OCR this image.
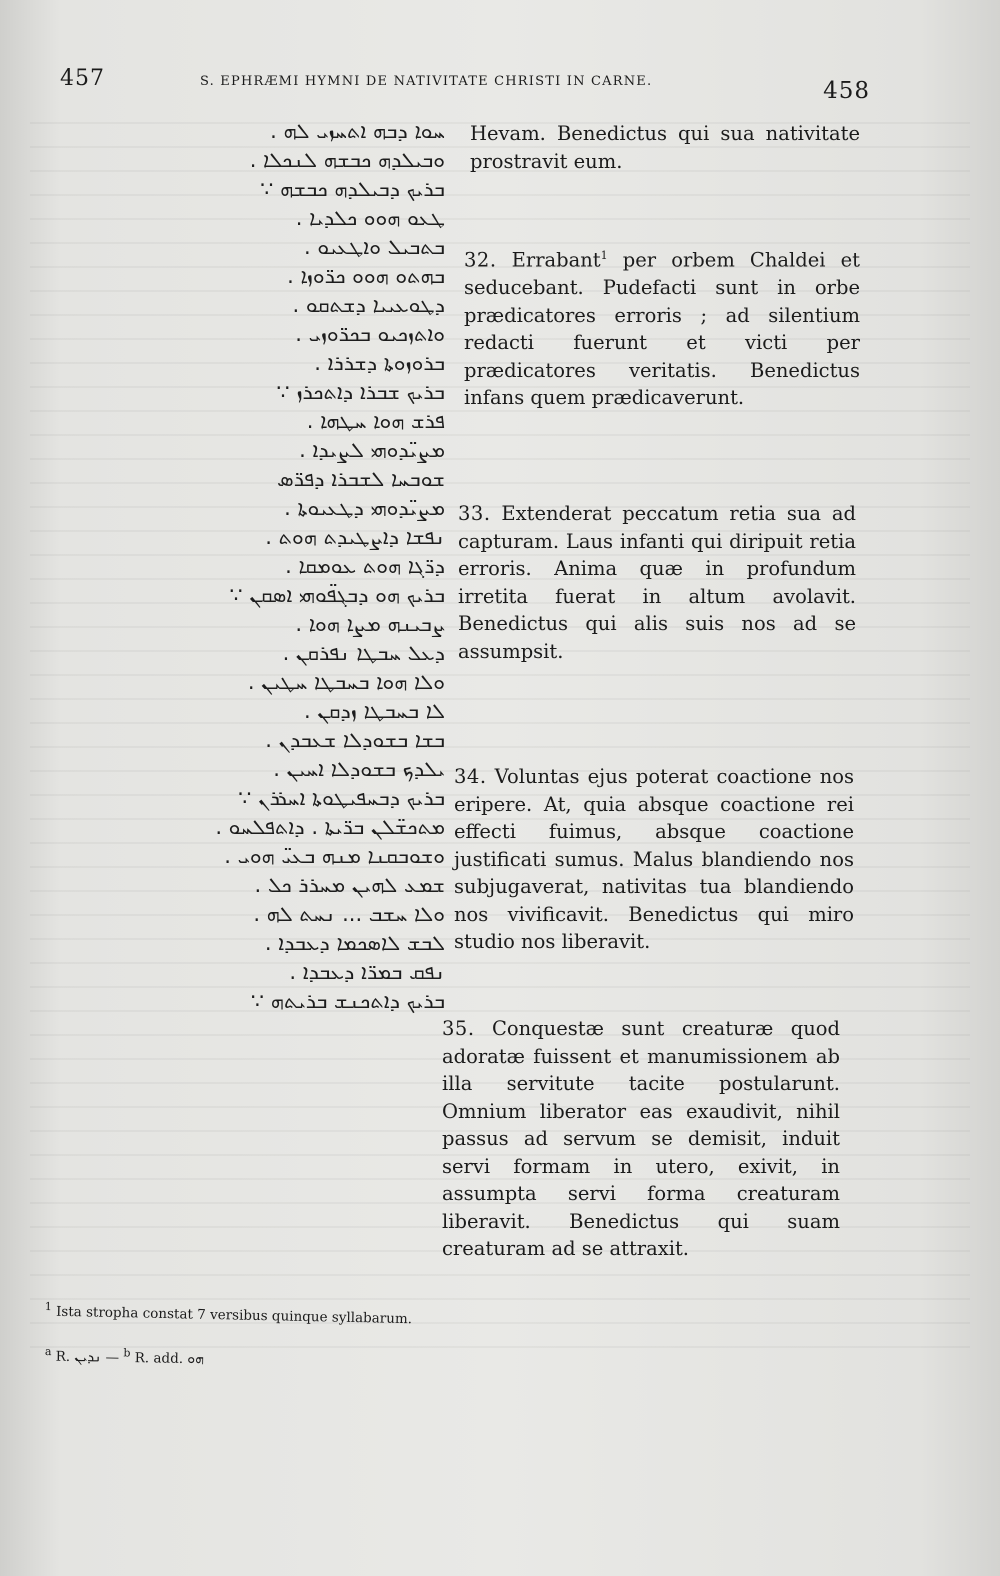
457	S. EPHRÆMI HYMNI DE NATIVITATE CHRISTI IN CARNE.	458
ܚܘܐ ܕܒܗ ܐܬܚܙܝ ܠܗ .
ܘܒܝܠܕܗ ܟܒܫܗ ܠܢܟܠܐ .
ܒܪܝܟ ܕܒܝܠܕܗ ܟܒܫܗ ∵
ܛܥܘ ܗܘܘ ܟܠܕܝܐ .
ܒܬܒܝܠ ܘܐܛܥܝܘ .
ܒܗܬܘ ܗܘܘ ܟܪ̈ܘܙܐ .
ܕܛܘܥܝܝܐ ܕܫܬܩܘ .
ܘܐܬܙܟܝܘ ܒܟܪ̈ܘܙܝ .
ܒܪܘܙܘܬܐ ܕܫܪܪܐ .
ܒܪܝܟ ܫܒܪܐ ܕܐܬܟܪܙ ∵
ܦܪܫ ܗܘܐ ܚܛܗܐ .
ܡܨܝ̈ܕܘܗܝ ܠܨܝܕܐ .
ܫܘܒܚܐ ܠܫܒܪܐ ܕܦܪ̈ܣ
ܡܨܝ̈ܕܘܗܝ ܕܛܥܝܘܬܐ .
ܢܦܫܐ ܕܐܨܛܝܕܬ ܗܘܬ .
ܕܪ̈ܓܐ ܗܘܬ ܥܘܡܩܐ .
ܒܪܝܟ ܗܘ ܕܒܓܦ̈ܘܗܝ ܐܣܩܢ ∵
ܨܒܝܢܗ ܡܨܐ ܗܘܐ .
ܕܥܠ ܚܒܛܐ ܢܦܪܩܢ .
ܘܠܐ ܗܘܐ ܒܚܒܛܐ ܚܛܝܢ .
ܠܐ ܒܚܒܛܐ ܙܕܩܢ .
ܒܫܐ ܒܫܘܕܠܐ ܫܥܒܕܢ .
ܝܠܕܟ ܒܫܘܕܠܐ ܐܚܝܢ .
ܒܪܝܟ ܕܒܚܦܝܛܘܬܐ ܐܚܪܪܢ ∵
ܡܬܟܫ̈ܠܢ ܒܪ̈ܝܬܐ . ܕܐܬܦܠܚܘ .
ܘܫܘܒܩܢܐ ܡܢܗ ܒܥܝ̈ ܗܘܝ .
ܫܡܥ ܠܗܝܢ ܡܚܪܪ ܟܠ .
ܘܠܐ ܚܫܒ ... ܢܚܬ ܠܗ .
ܠܒܫ ܠܐܣܟܡܐ ܕܥܒܕܐ .
ܢܦܩ ܒܡܪ̈ܐ ܕܥܒܕܐ .
ܒܪܝܟ ܕܐܬܟܢܫ ܒܪܝܬܗ ∵

Hevam. Benedictus qui sua nativitate prostravit eum.

32. Errabant$^1$ per orbem Chaldei et seducebant. Pudefacti sunt in orbe prædicatores erroris ; ad silentium redacti fuerunt et victi per prædicatores veritatis. Benedictus infans quem prædicaverunt.

33. Extenderat peccatum retia sua ad capturam. Laus infanti qui diripuit retia erroris. Anima quæ in profundum irretita fuerat in altum avolavit. Benedictus qui alis suis nos ad se assumpsit.

34. Voluntas ejus poterat coactione nos eripere. At, quia absque coactione rei effecti fuimus, absque coactione justificati sumus. Malus blandiendo nos subjugaverat, nativitas tua blandiendo nos vivificavit. Benedictus qui miro studio nos liberavit.

35. Conquestæ sunt creaturæ quod adoratæ fuissent et manumissionem ab illa servitute tacite postularunt. Omnium liberator eas exaudivit, nihil passus ad servum se demisit, induit servi formam in utero, exivit, in assumpta servi forma creaturam liberavit. Benedictus qui suam creaturam ad se attraxit.

$^1$ Ista stropha constat 7 versibus quinque syllabarum.
$^a$ R. ܢܕܝܢ — $^b$ R. add. ܗܘ
